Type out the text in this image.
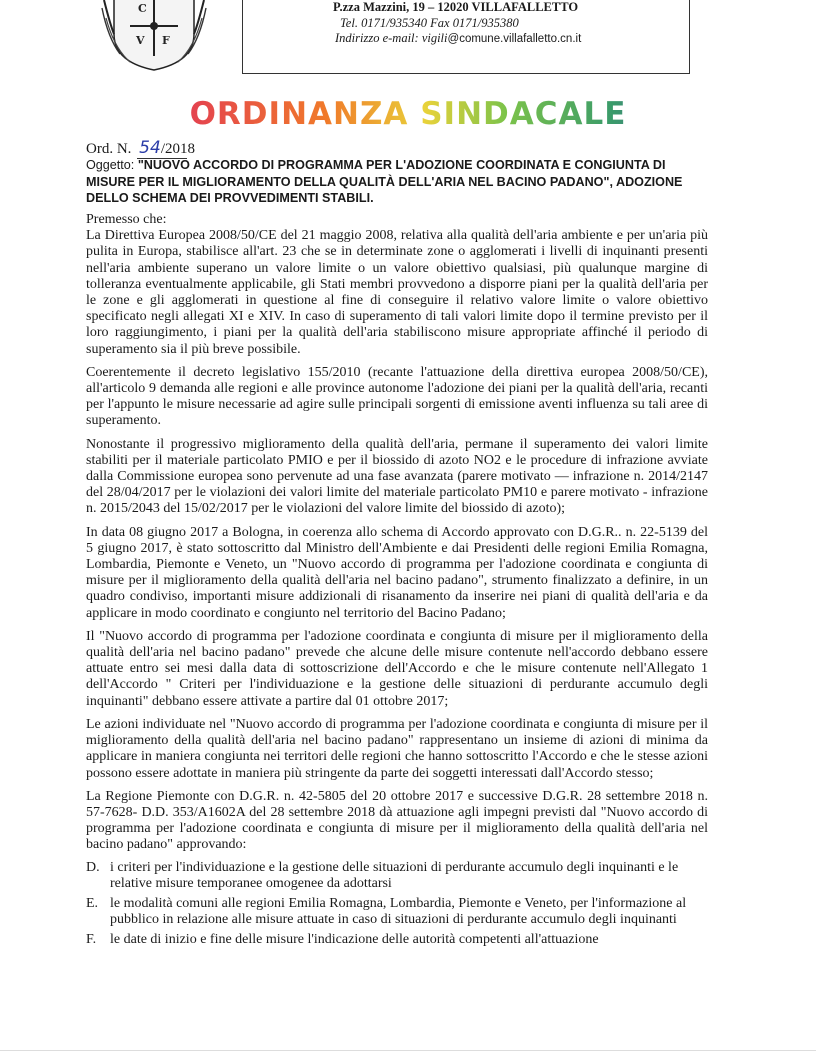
C
V F
P.zza Mazzini, 19 – 12020 VILLAFALLETTO
Tel. 0171/935340 Fax 0171/935380
Indirizzo e-mail: vigili@comune.villafalletto.cn.it
ORDINANZA SINDACALE
Ord. N. 54/2018
Oggetto: "NUOVO ACCORDO DI PROGRAMMA PER L'ADOZIONE COORDINATA E CONGIUNTA DI MISURE PER IL MIGLIORAMENTO DELLA QUALITÀ DELL'ARIA NEL BACINO PADANO", ADOZIONE DELLO SCHEMA DEI PROVVEDIMENTI STABILI.

Premesso che:

La Direttiva Europea 2008/50/CE del 21 maggio 2008, relativa alla qualità dell'aria ambiente e per un'aria più pulita in Europa, stabilisce all'art. 23 che se in determinate zone o agglomerati i livelli di inquinanti presenti nell'aria ambiente superano un valore limite o un valore obiettivo qualsiasi, più qualunque margine di tolleranza eventualmente applicabile, gli Stati membri provvedono a disporre piani per la qualità dell'aria per le zone e gli agglomerati in questione al fine di conseguire il relativo valore limite o valore obiettivo specificato negli allegati XI e XIV. In caso di superamento di tali valori limite dopo il termine previsto per il loro raggiungimento, i piani per la qualità dell'aria stabiliscono misure appropriate affinché il periodo di superamento sia il più breve possibile.

Coerentemente il decreto legislativo 155/2010 (recante l'attuazione della direttiva europea 2008/50/CE), all'articolo 9 demanda alle regioni e alle province autonome l'adozione dei piani per la qualità dell'aria, recanti per l'appunto le misure necessarie ad agire sulle principali sorgenti di emissione aventi influenza su tali aree di superamento.

Nonostante il progressivo miglioramento della qualità dell'aria, permane il superamento dei valori limite stabiliti per il materiale particolato PMIO e per il biossido di azoto NO2 e le procedure di infrazione avviate dalla Commissione europea sono pervenute ad una fase avanzata (parere motivato — infrazione n. 2014/2147 del 28/04/2017 per le violazioni dei valori limite del materiale particolato PM10 e parere motivato - infrazione n. 2015/2043 del 15/02/2017 per le violazioni del valore limite del biossido di azoto);

In data 08 giugno 2017 a Bologna, in coerenza allo schema di Accordo approvato con D.G.R.. n. 22-5139 del 5 giugno 2017, è stato sottoscritto dal Ministro dell'Ambiente e dai Presidenti delle regioni Emilia Romagna, Lombardia, Piemonte e Veneto, un "Nuovo accordo di programma per l'adozione coordinata e congiunta di misure per il miglioramento della qualità dell'aria nel bacino padano", strumento finalizzato a definire, in un quadro condiviso, importanti misure addizionali di risanamento da inserire nei piani di qualità dell'aria e da applicare in modo coordinato e congiunto nel territorio del Bacino Padano;

Il "Nuovo accordo di programma per l'adozione coordinata e congiunta di misure per il miglioramento della qualità dell'aria nel bacino padano" prevede che alcune delle misure contenute nell'accordo debbano essere attuate entro sei mesi dalla data di sottoscrizione dell'Accordo e che le misure contenute nell'Allegato 1 dell'Accordo " Criteri per l'individuazione e la gestione delle situazioni di perdurante accumulo degli inquinanti" debbano essere attivate a partire dal 01 ottobre 2017;

Le azioni individuate nel "Nuovo accordo di programma per l'adozione coordinata e congiunta di misure per il miglioramento della qualità dell'aria nel bacino padano" rappresentano un insieme di azioni di minima da applicare in maniera congiunta nei territori delle regioni che hanno sottoscritto l'Accordo e che le stesse azioni possono essere adottate in maniera più stringente da parte dei soggetti interessati dall'Accordo stesso;

La Regione Piemonte con D.G.R. n. 42-5805 del 20 ottobre 2017 e successive D.G.R. 28 settembre 2018 n. 57-7628- D.D. 353/A1602A del 28 settembre 2018 dà attuazione agli impegni previsti dal "Nuovo accordo di programma per l'adozione coordinata e congiunta di misure per il miglioramento della qualità dell'aria nel bacino padano" approvando:

D. i criteri per l'individuazione e la gestione delle situazioni di perdurante accumulo degli inquinanti e le relative misure temporanee omogenee da adottarsi
E. le modalità comuni alle regioni Emilia Romagna, Lombardia, Piemonte e Veneto, per l'informazione al pubblico in relazione alle misure attuate in caso di situazioni di perdurante accumulo degli inquinanti
F. le date di inizio e fine delle misure l'indicazione delle autorità competenti all'attuazione
